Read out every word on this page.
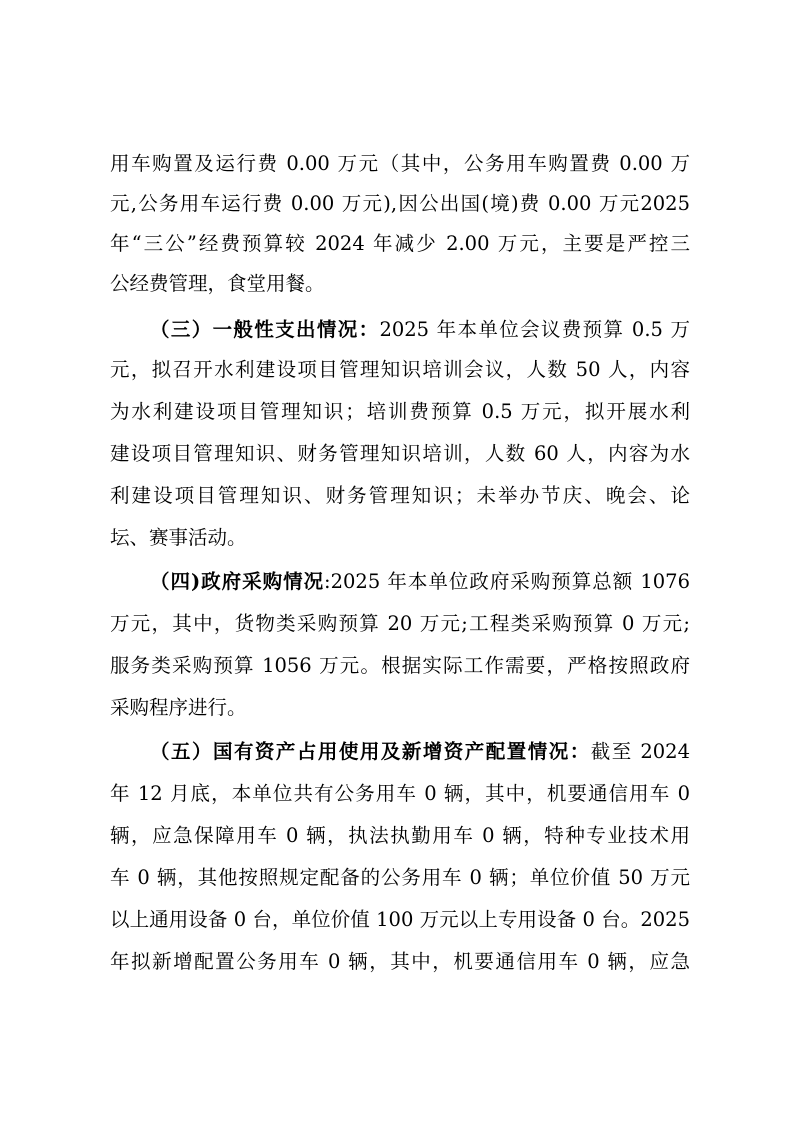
用车购置及运行费 0.00 万元（其中，公务用车购置费 0.00 万
元,公务用车运行费 0.00 万元),因公出国(境)费 0.00 万元2025
年“三公”经费预算较 2024 年减少 2.00 万元，主要是严控三
公经费管理，食堂用餐。
（三）一般性支出情况：2025 年本单位会议费预算 0.5 万
元，拟召开水利建设项目管理知识培训会议，人数 50 人，内容
为水利建设项目管理知识；培训费预算 0.5 万元，拟开展水利
建设项目管理知识、财务管理知识培训，人数 60 人，内容为水
利建设项目管理知识、财务管理知识；未举办节庆、晚会、论
坛、赛事活动。
（四)政府采购情况:2025 年本单位政府采购预算总额 1076
万元，其中，货物类采购预算 20 万元;工程类采购预算 0 万元;
服务类采购预算 1056 万元。根据实际工作需要，严格按照政府
采购程序进行。
（五）国有资产占用使用及新增资产配置情况：截至 2024
年 12 月底，本单位共有公务用车 0 辆，其中，机要通信用车 0
辆，应急保障用车 0 辆，执法执勤用车 0 辆，特种专业技术用
车 0 辆，其他按照规定配备的公务用车 0 辆；单位价值 50 万元
以上通用设备 0 台，单位价值 100 万元以上专用设备 0 台。2025
年拟新增配置公务用车 0 辆，其中，机要通信用车 0 辆，应急
